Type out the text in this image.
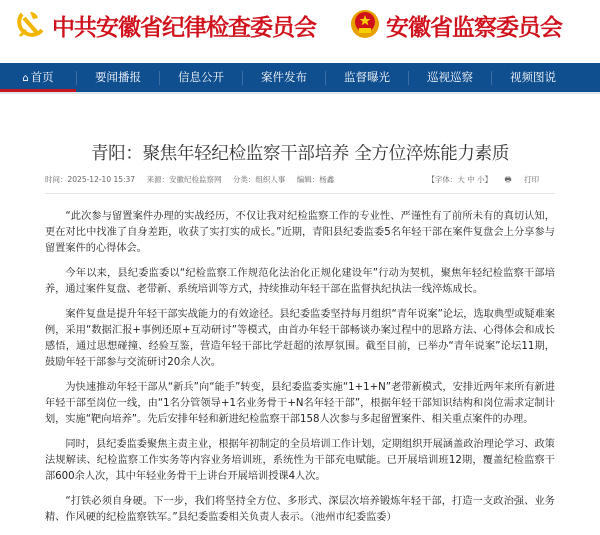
中共安徽省纪律检查委员会	安徽省监察委员会
⌂ 首页	要闻播报	信息公开	案件发布	监督曝光	巡视巡察	视频图说
青阳：聚焦年轻纪检监察干部培养 全方位淬炼能力素质
时间：2025-12-10 15:37 来源：安徽纪检监察网 分类：组织人事 编辑：杨鑫	【字体：大 中 小】 🖶 打印

“此次参与留置案件办理的实战经历，不仅让我对纪检监察工作的专业性、严谨性有了前所未有的真切认知，更在对比中找准了自身差距，收获了实打实的成长。”近期，青阳县纪委监委5名年轻干部在案件复盘会上分享参与留置案件的心得体会。

今年以来，县纪委监委以“纪检监察工作规范化法治化正规化建设年”行动为契机，聚焦年轻纪检监察干部培养，通过案件复盘、老带新、系统培训等方式，持续推动年轻干部在监督执纪执法一线淬炼成长。

案件复盘是提升年轻干部实战能力的有效途径。县纪委监委坚持每月组织“青年说案”论坛，选取典型或疑难案例，采用“数据汇报+事例还原+互动研讨”等模式，由首办年轻干部畅谈办案过程中的思路方法、心得体会和成长感悟，通过思想碰撞、经验互鉴，营造年轻干部比学赶超的浓厚氛围。截至目前，已举办“青年说案”论坛11期，鼓励年轻干部参与交流研讨20余人次。

为快速推动年轻干部从“新兵”向“能手”转变，县纪委监委实施“1+1+N”老带新模式，安排近两年来所有新进年轻干部至岗位一线，由“1名分管领导+1名业务骨干+N名年轻干部”，根据年轻干部知识结构和岗位需求定制计划，实施“靶向培养”。先后安排年轻和新进纪检监察干部158人次参与多起留置案件、相关重点案件的办理。

同时，县纪委监委聚焦主责主业，根据年初制定的全员培训工作计划，定期组织开展涵盖政治理论学习、政策法规解读、纪检监察工作实务等内容业务培训班，系统性为干部充电赋能。已开展培训班12期，覆盖纪检监察干部600余人次，其中年轻业务骨干上讲台开展培训授课4人次。

“打铁必须自身硬。下一步，我们将坚持全方位、多形式、深层次培养锻炼年轻干部，打造一支政治强、业务精、作风硬的纪检监察铁军。”县纪委监委相关负责人表示。（池州市纪委监委）
